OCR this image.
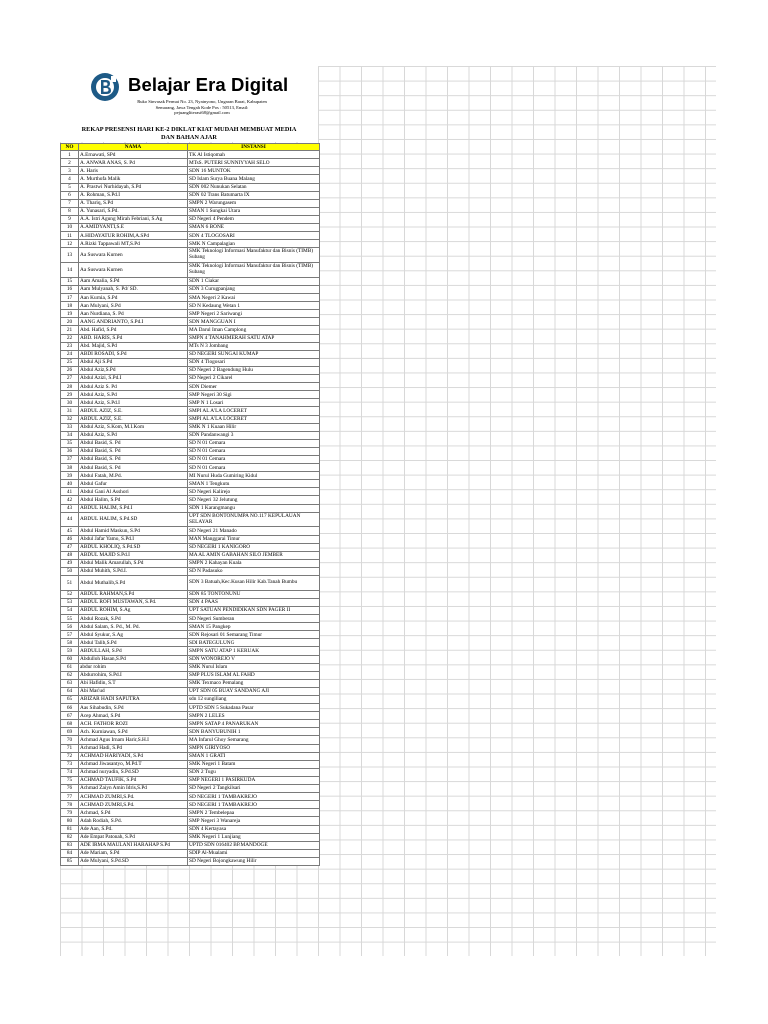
Belajar Era Digital
Ruko Sinvasak Permai No. 23, Nyatnyono, Ungaran Barat, Kabupaten
Semarang, Jawa Tengah Kode Pos : 50513, Email:
pejuangliterasi68@gmail.com
REKAP PRESENSI HARI KE-2 DIKLAT KIAT MUDAH MEMBUAT MEDIA
DAN BAHAN AJAR
NO	NAMA	INSTANSI
1	A.Ernawati, SPd	TK Al Istiqomah
2	A. ANWAR ANAS, S. Pd	MTsS. PUTERI SUNNIYYAH SELO
3	A. Haris	SDN 16 MUNTOK
4	A. Murthofa Malik	SD Islam Surya Buana Malang
5	A. Prastwi Nurhidayah, S.Pd	SDN 002 Nunukan Selatan
6	A. Rohman, S.Pd.I	SDN 02 Trans Batumarta IX
7	A. Thariq, S.Pd	SMPN 2 Warungasem
8	A. Yunasari, S.Pd.	SMAN 1 Sungkai Utara
9	A.A. Istri Agung Mirah Febriani, S.Ag	SD Negeri 4 Pendem
10	A.AMIDYANTI,S.E	SMAN 6 BONE
11	A.HIDAYATUR ROHIM,A.SPd	SDN 4 TLOGOSARI
12	A.Rizki Tappawali MT,S.Pd	SMK N Campalagian
13	Aa Suswara Kurnen	SMK Teknologi Informasi Manufaktur dan Bisnis (TIMB) Subang
14	Aa Suswara Kurnen	SMK Teknologi Informasi Manufaktur dan Bisnis (TIMB) Subang
15	Aam Amalia, S.Pd	SDN 1 Ciakar
16	Aam Mulyanah, S. Pd/ SD.	SDN 3 Curugpanjang
17	Aan Kurnia, S.Pd	SMA Negeri 2 Kawai
18	Aan Mulyani, S.Pd	SD N Kedaung Wetan 1
19	Aan Nurdiana, S. Pd	SMP Negeri 2 Sariwangi
20	AANG ANDRIANTO, S.Pd.I	SDN MANGGUAN I
21	Abd. Hafid, S.Pd	MA Darul Iman Camplong
22	ABD. HARIS, S.Pd	SMPN 4 TANAHMERAH SATU ATAP
23	Abd. Majid, S.Pd	MTs N 3 Jombang
24	ABDI ROSADI, S.Pd	SD NEGERI SUNGAI KUMAP
25	Abdul Aji S.Pd	SDN 4 Tlogosari
26	Abdul Aziz,S.Pd	SD Negeri 2 Bagendung Hulu
27	Abdul Azizi, S.Pd.I	SD Negeri 2 Cikarel
28	Abdul Aziz S. Pd	SDN Diemer
29	Abdul Aziz, S.Pd	SMP Negeri 30 Sigi
30	Abdul Aziz, S.Pd.I	SMP N 1 Losari
31	ABDUL AZIZ, S.E.	SMPI AL A'LA LOCERET
32	ABDUL AZIZ, S.E.	SMPI AL A'LA LOCERET
33	Abdul Aziz, S.Kom, M.I.Kom	SMK N 1 Kuaan Hilir
34	Abdul Aziz, S.Pd	SDN Pandanwangi 3
35	Abdul Basid, S. Pd	SD N 01 Cemara
36	Abdul Basid, S. Pd	SD N 01 Cemara
37	Abdul Basid, S. Pd	SD N 01 Cemara
38	Abdul Basid, S. Pd	SD N 01 Cemara
39	Abdul Fatah, M.Pd.	MI Nurul Huda Gumiring Kidul
40	Abdul Gafur	SMAN 1 Tengkutu
41	Abdul Gani Al Asshori	SD Negeri Kalirejo
42	Abdul Halim, S.Pd	SD Negeri 32 Jelutung
43	ABDUL HALIM, S.Pd.I	SDN 1 Karangmangu
44	ABDUL HALIM, S.Pd.SD	UPT SDN BONTONUMPA NO.117 KEPULAUAN SELAYAR
45	Abdul Hamid Maskun, S.Pd	SD Negeri 21 Manado
46	Abdul Jafar Yamo, S.Pd.I	MAN Manggarai Timur
47	ABDUL KHOLIQ, S.Pd.SD	SD NEGERI 1 KANIGORO
48	ABDUL MAJID S.Pd.I	MA AL AMIN GABAHAN SILO JEMBER
49	Abdul Malik Amarullah, S.Pd	SMPN 2 Kahayan Kuala
50	Abdul Muhith, S.Pd.I.	SD N Padasuko
51	Abdul Muthalib,S.Pd	SDN 3 Batuah,Kec.Kusan Hilir Kab.Tanah Bumbu
52	ABDUL RAHMAN,S.Pd	SDN 85 TONTONUNU
53	ABDUL ROFI MUSTAWAN, S.Pd.	SDN 4 PAAS
54	ABDUL ROHIM, S.Ag	UPT SATUAN PENDIDIKAN SDN PAGER II
55	Abdul Rozak, S.Pd	SD Negeri Sumberan
56	Abdul Salam, S. Pd., M. Pd.	SMAN 15 Pangkep
57	Abdul Syukur, S.Ag	SDN Rejosari 01 Semarang Timur
58	Abdul Talib,S.Pd	SDI BATEGULUNG
59	ABDULLAH, S.Pd	SMPN SATU ATAP 1 KERUAK
60	Abdulloh Hasan,S.Pd	SDN WONOREJO V
61	abdur rohim	SMK Nurul Islam
62	Abdurrohim, S.Pd.I	SMP PLUS ISLAM AL FAHD
63	Abi Hafidin, S.T	SMK Texmaco Pemalang
64	Abi Mas'ud	UPT SDN 05 BUAY SANDANG AJI
65	ABIZAR HADI SAPUTRA	sdn 12 sungiliang
66	Aas Sihabudin, S.Pd	UPTD SDN 5 Sukadana Pasar
67	Acep Ahmad, S.Pd	SMPN 2 LELES
68	ACH. FATHOR ROZI	SMPN SATAP 4 PANARUKAN
69	Ach. Kurniawan, S.Pd	SDN BANYUBUNIH 1
70	Achmad Agus Irnam Harir,S.H.I	MA Infarul Ghoy Semarang
71	Achmad Hadi, S.Pd	SMPN GIRIYOSO
72	ACHMAD HARIYADI, S.Pd	SMAN 1 GRATI
73	Achmad Jiwasantyo, M.Pd.T	SMK Negeri 1 Batam
74	Achmad nuryadin, S.Pd.SD	SDN 2 Tugu
75	ACHMAD TAUFIK, S.Pd	SMP NEGERI 1 PASIRKUDA
76	Achmad Zaiyn Amin Idris,S.Pd	SD Negeri 2 Tangkilsari
77	ACHMAD ZUMRI,S.Pd.	SD NEGERI 1 TAMBAKREJO
78	ACHMAD ZUMRI,S.Pd.	SD NEGERI 1 TAMBAKREJO
79	Achmad, S.Pd	SMPN 2 Tembelepaa
80	Adah Rodiah, S.Pd.	SMP Negeri 3 Wanareja
81	Ade Aan, S.Pd.	SDN 4 Kertayasa
82	Ade Empat Patonah, S.Pd	SMK Negeri 1 Lunjiang
83	ADE IRMA MAULANI HARAHAP S.Pd	UPTD SDN 016402 BP.MANDOGE
84	Ade Mariam, S.Pd	SDIP Al-Mualami
85	Ade Mulyani, S.Pd.SD	SD Negeri Bojongkawung Hilir
